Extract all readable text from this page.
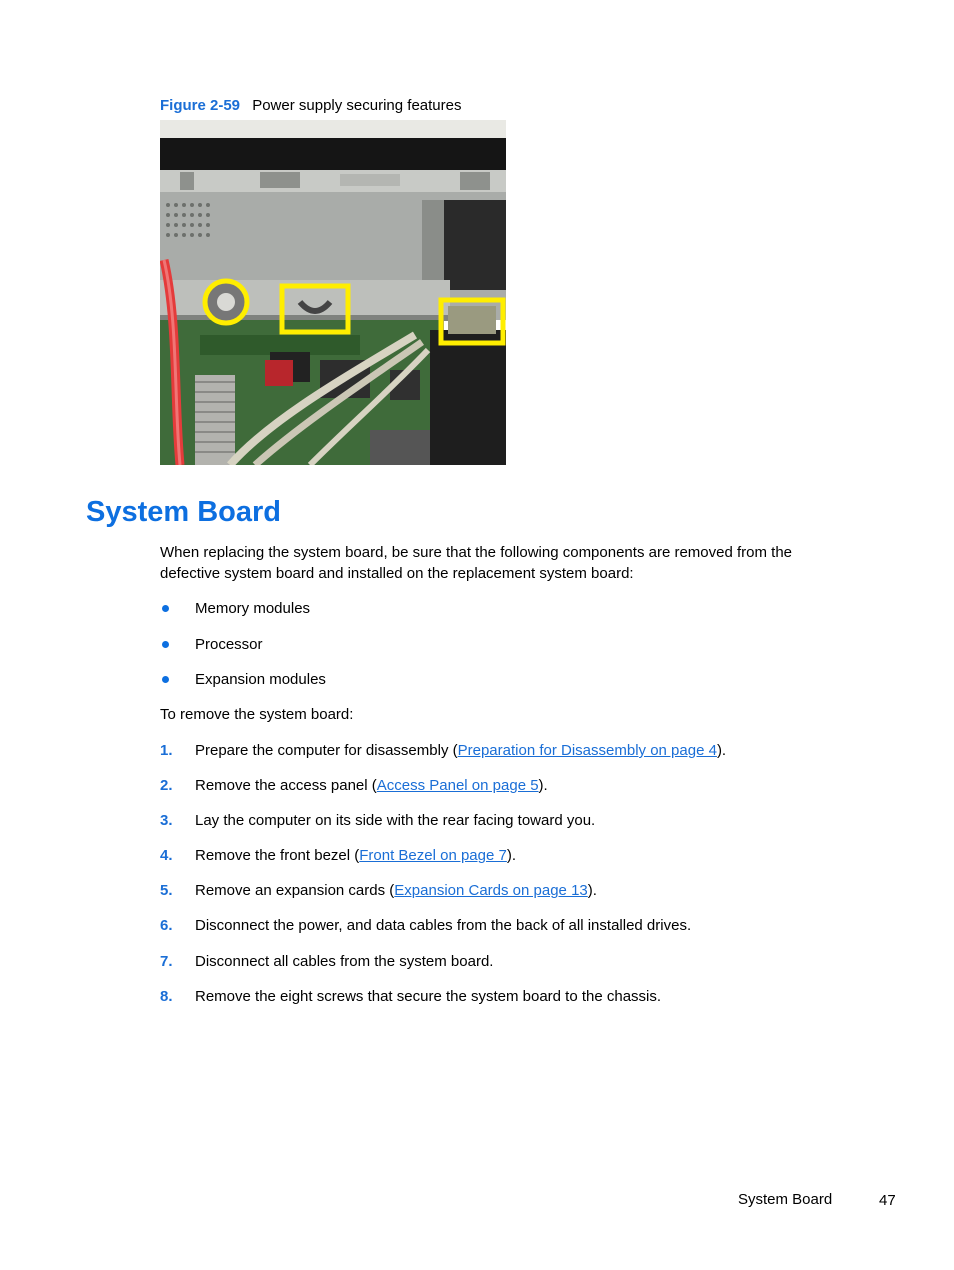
Figure 2-59 Power supply securing features
System Board

When replacing the system board, be sure that the following components are removed from the defective system board and installed on the replacement system board:

Memory modules
Processor
Expansion modules

To remove the system board:

1. Prepare the computer for disassembly (Preparation for Disassembly on page 4).
2. Remove the access panel (Access Panel on page 5).
3. Lay the computer on its side with the rear facing toward you.
4. Remove the front bezel (Front Bezel on page 7).
5. Remove an expansion cards (Expansion Cards on page 13).
6. Disconnect the power, and data cables from the back of all installed drives.
7. Disconnect all cables from the system board.
8. Remove the eight screws that secure the system board to the chassis.
System Board	47
